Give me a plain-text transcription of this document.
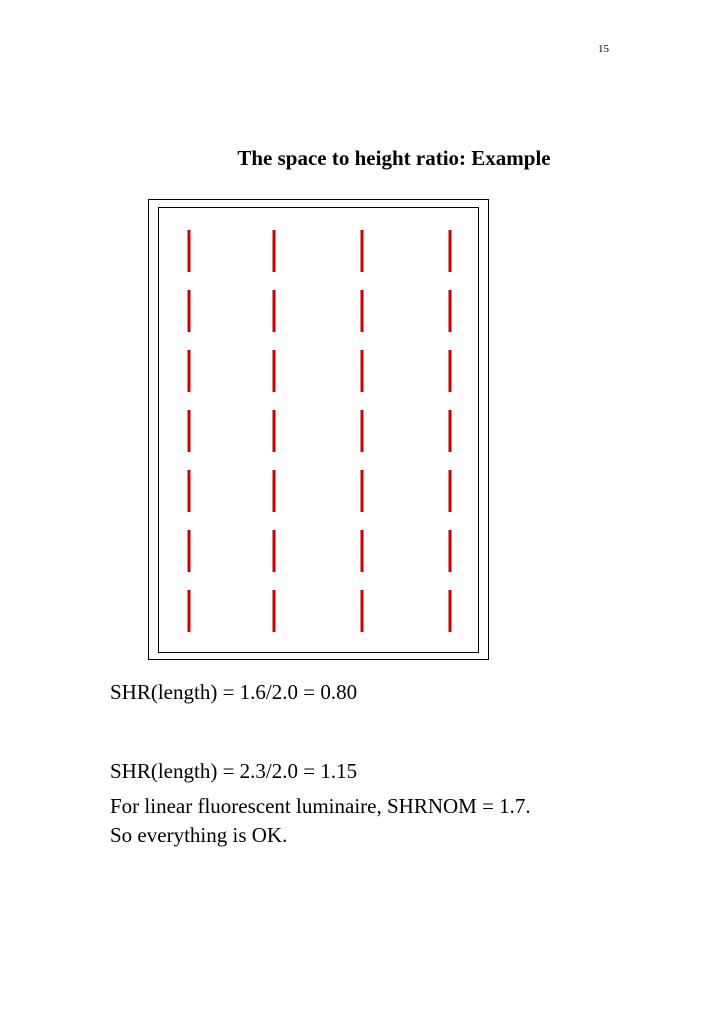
15
The space to height ratio: Example
SHR(length) = 1.6/2.0 = 0.80
SHR(length) = 2.3/2.0 = 1.15
For linear fluorescent luminaire, SHRNOM = 1.7.
So everything is OK.
